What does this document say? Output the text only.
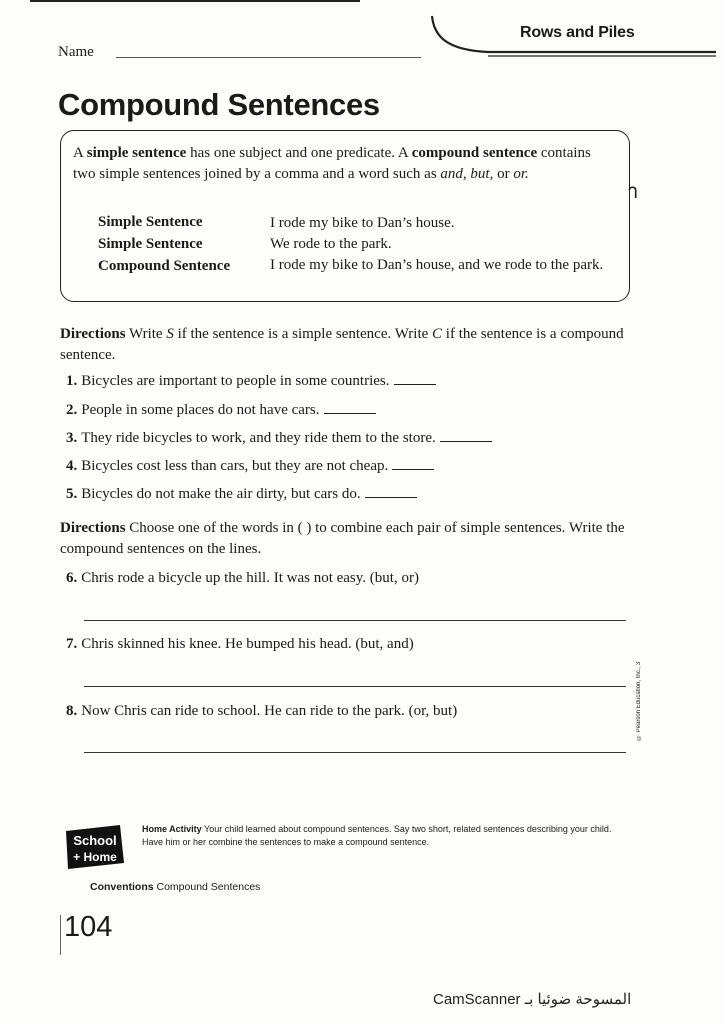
Name
Rows and Piles
Compound Sentences

A simple sentence has one subject and one predicate. A compound sentence contains two simple sentences joined by a comma and a word such as and, but, or or.

Simple Sentence	I rode my bike to Dan’s house.
Simple Sentence	We rode to the park.
Compound Sentence	I rode my bike to Dan’s house, and we rode to the park.
ᒉ

Directions Write S if the sentence is a simple sentence. Write C if the sentence is a compound sentence.

1. Bicycles are important to people in some countries.
2. People in some places do not have cars.
3. They ride bicycles to work, and they ride them to the store.
4. Bicycles cost less than cars, but they are not cheap.
5. Bicycles do not make the air dirty, but cars do.

Directions Choose one of the words in ( ) to combine each pair of simple sentences. Write the compound sentences on the lines.

6. Chris rode a bicycle up the hill. It was not easy. (but, or)
7. Chris skinned his knee. He bumped his head. (but, and)
8. Now Chris can ride to school. He can ride to the park. (or, but)	© Pearson Education, Inc., 3
School
+ Home

Home Activity Your child learned about compound sentences. Say two short, related sentences describing your child. Have him or her combine the sentences to make a compound sentence.

Conventions Compound Sentences

104
CamScanner المسوحة ضوئيا بـ
